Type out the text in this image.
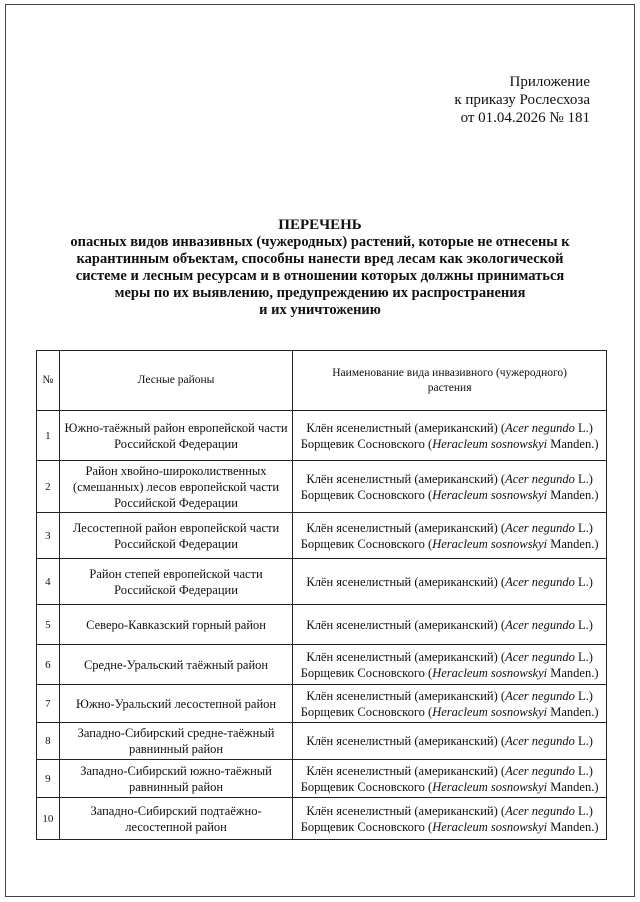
Приложение
к приказу Рослесхоза
от 01.04.2026 № 181
ПЕРЕЧЕНЬ
опасных видов инвазивных (чужеродных) растений, которые не отнесены к
карантинным объектам, способны нанести вред лесам как экологической
системе и лесным ресурсам и в отношении которых должны приниматься
меры по их выявлению, предупреждению их распространения
и их уничтожению
№	Лесные районы	Наименование вида инвазивного (чужеродного)
растения

1	Южно-таёжный район европейской части Российской Федерации	Клён ясенелистный (американский) (Acer negundo L.)
Борщевик Сосновского (Heracleum sosnowskyi Manden.)

2	Район хвойно-широколиственных (смешанных) лесов европейской части Российской Федерации	Клён ясенелистный (американский) (Acer negundo L.)
Борщевик Сосновского (Heracleum sosnowskyi Manden.)

3	Лесостепной район европейской части Российской Федерации	Клён ясенелистный (американский) (Acer negundo L.)
Борщевик Сосновского (Heracleum sosnowskyi Manden.)

4	Район степей европейской части Российской Федерации	Клён ясенелистный (американский) (Acer negundo L.)

5	Северо-Кавказский горный район	Клён ясенелистный (американский) (Acer negundo L.)

6	Средне-Уральский таёжный район	Клён ясенелистный (американский) (Acer negundo L.)
Борщевик Сосновского (Heracleum sosnowskyi Manden.)

7	Южно-Уральский лесостепной район	Клён ясенелистный (американский) (Acer negundo L.)
Борщевик Сосновского (Heracleum sosnowskyi Manden.)

8	Западно-Сибирский средне-таёжный равнинный район	Клён ясенелистный (американский) (Acer negundo L.)

9	Западно-Сибирский южно-таёжный равнинный район	Клён ясенелистный (американский) (Acer negundo L.)
Борщевик Сосновского (Heracleum sosnowskyi Manden.)

10	Западно-Сибирский подтаёжно-лесостепной район	Клён ясенелистный (американский) (Acer negundo L.)
Борщевик Сосновского (Heracleum sosnowskyi Manden.)
